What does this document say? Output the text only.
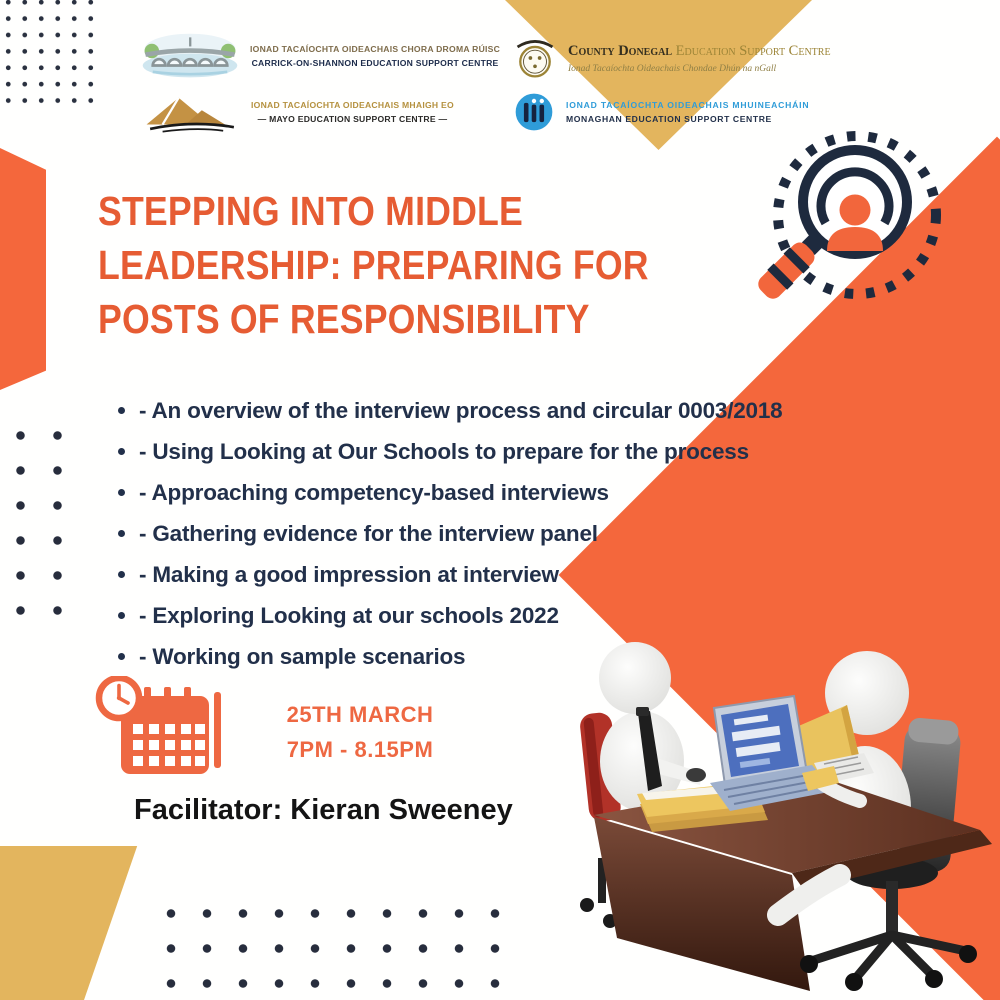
IONAD TACAÍOCHTA OIDEACHAIS CHORA DROMA RÚISC
CARRICK-ON-SHANNON EDUCATION SUPPORT CENTRE
County Donegal Education Support Centre
Ionad Tacaíochta Oideachais Chondae Dhún na nGall
IONAD TACAÍOCHTA OIDEACHAIS MHAIGH EO
— MAYO EDUCATION SUPPORT CENTRE —
IONAD TACAÍOCHTA OIDEACHAIS MHUINEACHÁIN
MONAGHAN EDUCATION SUPPORT CENTRE
STEPPING INTO MIDDLE
LEADERSHIP: PREPARING FOR
POSTS OF RESPONSIBILITY
- An overview of the interview process and circular 0003/2018
- Using Looking at Our Schools to prepare for the process
- Approaching competency-based interviews
- Gathering evidence for the interview panel
- Making a good impression at interview
- Exploring Looking at our schools 2022
- Working on sample scenarios
25TH MARCH
7PM - 8.15PM
Facilitator: Kieran Sweeney
